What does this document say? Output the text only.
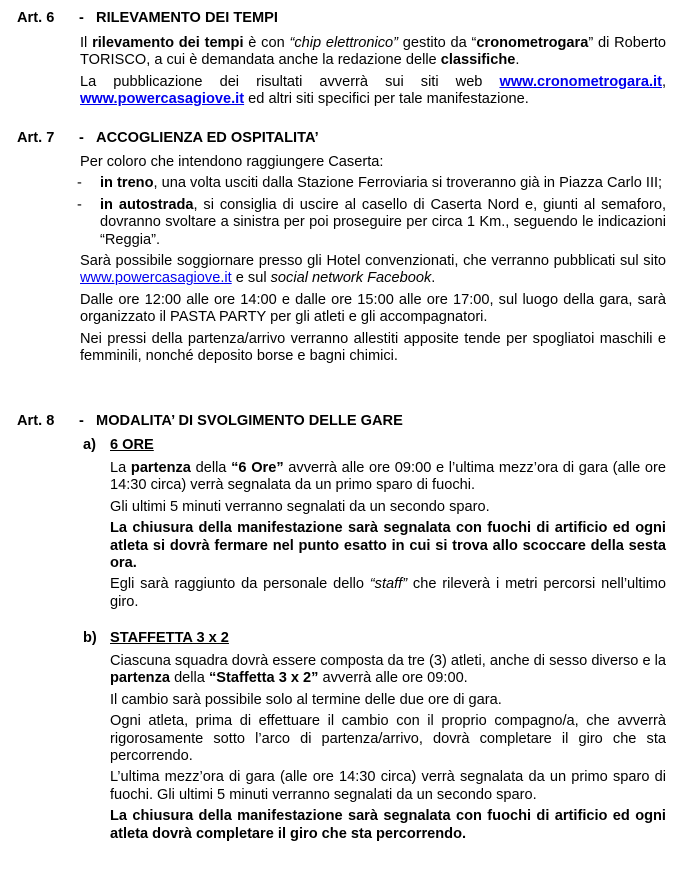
Art. 6 - RILEVAMENTO DEI TEMPI

Il rilevamento dei tempi è con “chip elettronico” gestito da “cronometrogara” di Roberto TORISCO, a cui è demandata anche la redazione delle classifiche.

La pubblicazione dei risultati avverrà sui siti web www.cronometrogara.it, www.powercasagiove.it ed altri siti specifici per tale manifestazione.

Art. 7 - ACCOGLIENZA ED OSPITALITA’

Per coloro che intendono raggiungere Caserta:

- in treno, una volta usciti dalla Stazione Ferroviaria si troveranno già in Piazza Carlo III;
- in autostrada, si consiglia di uscire al casello di Caserta Nord e, giunti al semaforo, dovranno svoltare a sinistra per poi proseguire per circa 1 Km., seguendo le indicazioni “Reggia”.

Sarà possibile soggiornare presso gli Hotel convenzionati, che verranno pubblicati sul sito www.powercasagiove.it e sul social network Facebook.

Dalle ore 12:00 alle ore 14:00 e dalle ore 15:00 alle ore 17:00, sul luogo della gara, sarà organizzato il PASTA PARTY per gli atleti e gli accompagnatori.

Nei pressi della partenza/arrivo verranno allestiti apposite tende per spogliatoi maschili e femminili, nonché deposito borse e bagni chimici.

Art. 8 - MODALITA’ DI SVOLGIMENTO DELLE GARE
a) 6 ORE

La partenza della “6 Ore” avverrà alle ore 09:00 e l’ultima mezz’ora di gara (alle ore 14:30 circa) verrà segnalata da un primo sparo di fuochi.

Gli ultimi 5 minuti verranno segnalati da un secondo sparo.

La chiusura della manifestazione sarà segnalata con fuochi di artificio ed ogni atleta si dovrà fermare nel punto esatto in cui si trova allo scoccare della sesta ora.

Egli sarà raggiunto da personale dello “staff” che rileverà i metri percorsi nell’ultimo giro.

b) STAFFETTA 3 x 2

Ciascuna squadra dovrà essere composta da tre (3) atleti, anche di sesso diverso e la partenza della “Staffetta 3 x 2” avverrà alle ore 09:00.

Il cambio sarà possibile solo al termine delle due ore di gara.

Ogni atleta, prima di effettuare il cambio con il proprio compagno/a, che avverrà rigorosamente sotto l’arco di partenza/arrivo, dovrà completare il giro che sta percorrendo.

L’ultima mezz’ora di gara (alle ore 14:30 circa) verrà segnalata da un primo sparo di fuochi. Gli ultimi 5 minuti verranno segnalati da un secondo sparo.

La chiusura della manifestazione sarà segnalata con fuochi di artificio ed ogni atleta dovrà completare il giro che sta percorrendo.
